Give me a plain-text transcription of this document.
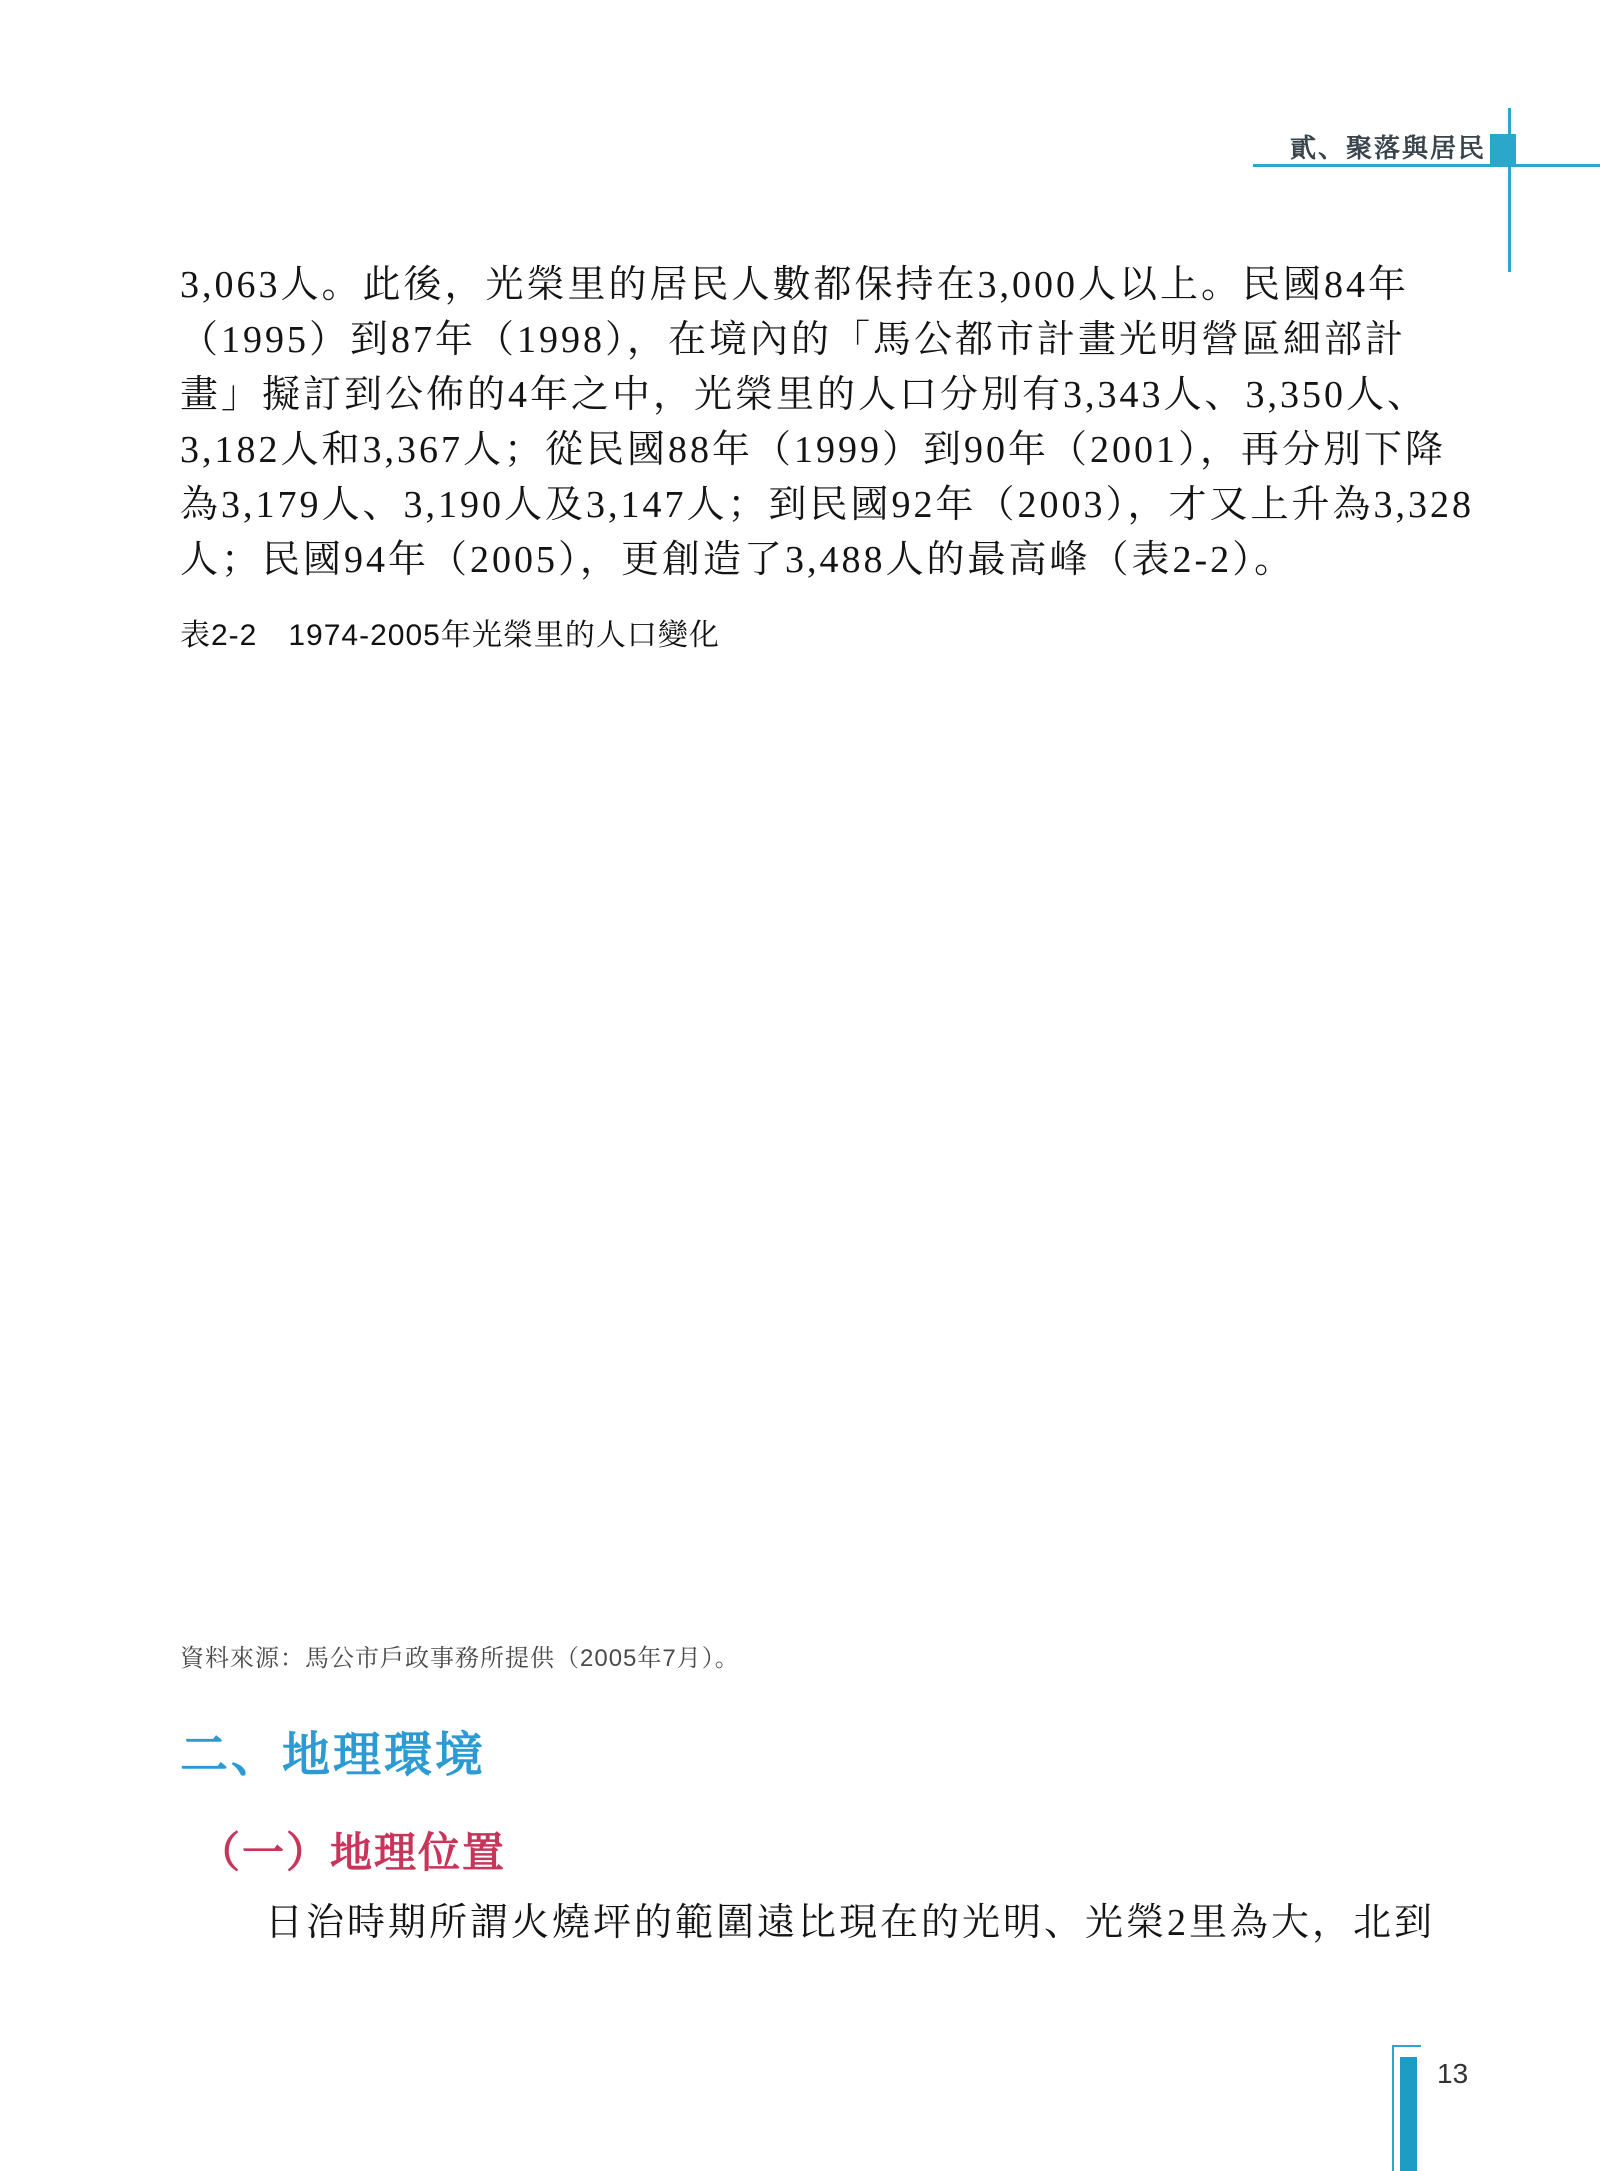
貳、聚落與居民
3,063人。此後，光榮里的居民人數都保持在3,000人以上。民國84年
（1995）到87年（1998），在境內的「馬公都市計畫光明營區細部計
畫」擬訂到公佈的4年之中，光榮里的人口分別有3,343人、3,350人、
3,182人和3,367人；從民國88年（1999）到90年（2001），再分別下降
為3,179人、3,190人及3,147人；到民國92年（2003），才又上升為3,328
人；民國94年（2005），更創造了3,488人的最高峰（表2-2）。
表2-2　1974-2005年光榮里的人口變化
資料來源：馬公市戶政事務所提供（2005年7月）。
二、地理環境
（一）地理位置
日治時期所謂火燒坪的範圍遠比現在的光明、光榮2里為大，北到
13
